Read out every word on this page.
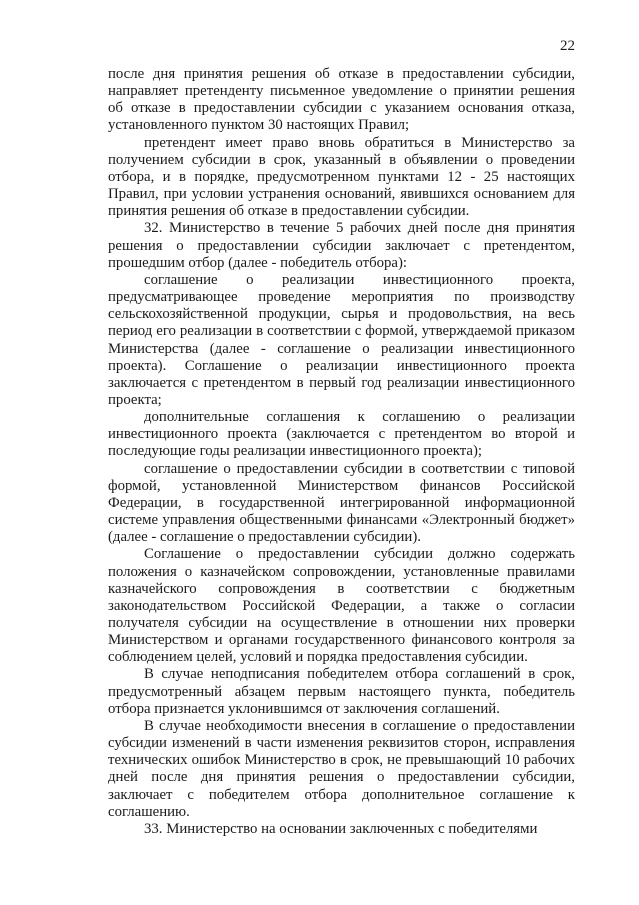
22

после дня принятия решения об отказе в предоставлении субсидии, направляет претенденту письменное уведомление о принятии решения об отказе в предоставлении субсидии с указанием основания отказа, установленного пунктом 30 настоящих Правил;

претендент имеет право вновь обратиться в Министерство за получением субсидии в срок, указанный в объявлении о проведении отбора, и в порядке, предусмотренном пунктами 12 - 25 настоящих Правил, при условии устранения оснований, явившихся основанием для принятия решения об отказе в предоставлении субсидии.

32. Министерство в течение 5 рабочих дней после дня принятия решения о предоставлении субсидии заключает с претендентом, прошедшим отбор (далее - победитель отбора):

соглашение о реализации инвестиционного проекта, предусматривающее проведение мероприятия по производству сельскохозяйственной продукции, сырья и продовольствия, на весь период его реализации в соответствии с формой, утверждаемой приказом Министерства (далее - соглашение о реализации инвестиционного проекта). Соглашение о реализации инвестиционного проекта заключается с претендентом в первый год реализации инвестиционного проекта;

дополнительные соглашения к соглашению о реализации инвестиционного проекта (заключается с претендентом во второй и последующие годы реализации инвестиционного проекта);

соглашение о предоставлении субсидии в соответствии с типовой формой, установленной Министерством финансов Российской Федерации, в государственной интегрированной информационной системе управления общественными финансами «Электронный бюджет» (далее - соглашение о предоставлении субсидии).

Соглашение о предоставлении субсидии должно содержать положения о казначейском сопровождении, установленные правилами казначейского сопровождения в соответствии с бюджетным законодательством Российской Федерации, а также о согласии получателя субсидии на осуществление в отношении них проверки Министерством и органами государственного финансового контроля за соблюдением целей, условий и порядка предоставления субсидии.

В случае неподписания победителем отбора соглашений в срок, предусмотренный абзацем первым настоящего пункта, победитель отбора признается уклонившимся от заключения соглашений.

В случае необходимости внесения в соглашение о предоставлении субсидии изменений в части изменения реквизитов сторон, исправления технических ошибок Министерство в срок, не превышающий 10 рабочих дней после дня принятия решения о предоставлении субсидии, заключает с победителем отбора дополнительное соглашение к соглашению.

33. Министерство на основании заключенных с победителями
